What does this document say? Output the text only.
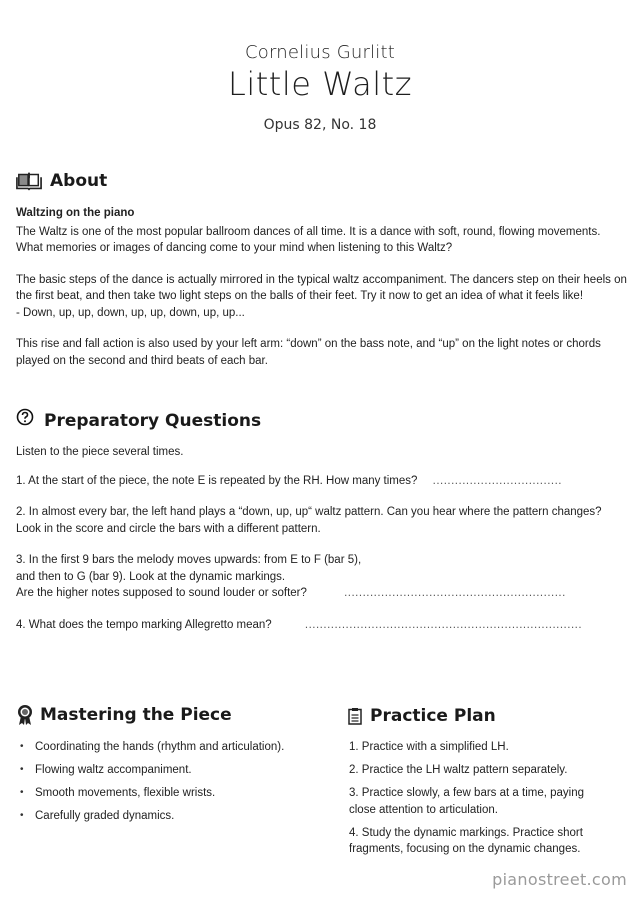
Cornelius Gurlitt
Little Waltz
Opus 82, No. 18
About

Waltzing on the piano

The Waltz is one of the most popular ballroom dances of all time. It is a dance with soft, round, flowing movements. What memories or images of dancing come to your mind when listening to this Waltz?

The basic steps of the dance is actually mirrored in the typical waltz accompaniment. The dancers step on their heels on the first beat, and then take two light steps on the balls of their feet. Try it now to get an idea of what it feels like!

- Down, up, up, down, up, up, down, up, up...

This rise and fall action is also used by your left arm: “down” on the bass note, and “up” on the light notes or chords played on the second and third beats of each bar.

Preparatory Questions

Listen to the piece several times.

1. At the start of the piece, the note E is repeated by the RH. How many times? ...................................

2. In almost every bar, the left hand plays a “down, up, up“ waltz pattern. Can you hear where the pattern changes?
Look in the score and circle the bars with a different pattern.
3. In the first 9 bars the melody moves upwards: from E to F (bar 5),
and then to G (bar 9). Look at the dynamic markings.
Are the higher notes supposed to sound louder or softer?	............................................................
4. What does the tempo marking Allegretto mean?	...........................................................................
Mastering the Piece
• Coordinating the hands (rhythm and articulation).
• Flowing waltz accompaniment.
• Smooth movements, flexible wrists.
• Carefully graded dynamics.
Practice Plan
1. Practice with a simplified LH.
2. Practice the LH waltz pattern separately.
3. Practice slowly, a few bars at a time, paying close attention to articulation.
4. Study the dynamic markings. Practice short fragments, focusing on the dynamic changes.
pianostreet.com
